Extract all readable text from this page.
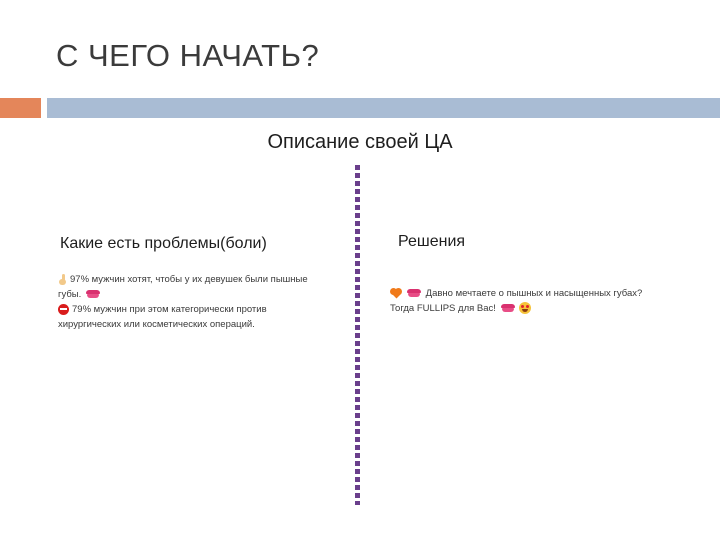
С ЧЕГО НАЧАТЬ?
Описание своей ЦА
Какие есть проблемы(боли)
97% мужчин хотят, чтобы у их девушек были пышные
губы.
79% мужчин при этом категорически против
хирургических или косметических операций.
Решения
Давно мечтаете о пышных и насыщенных губах?
Тогда FULLIPS для Вас!
